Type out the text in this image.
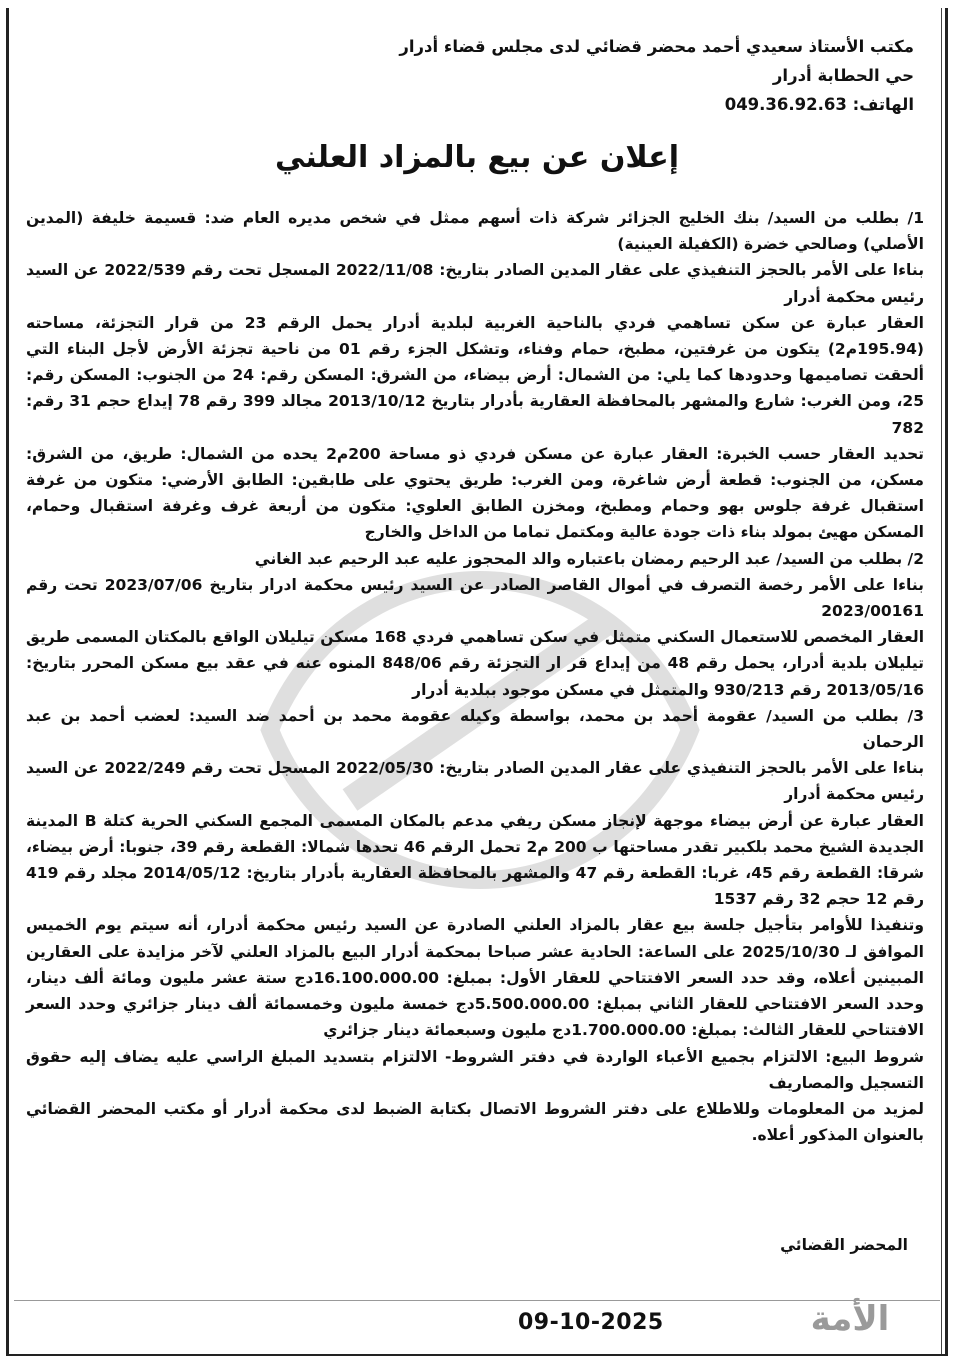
مكتب الأستاذ سعيدي أحمد محضر قضائي لدى مجلس قضاء أدرار
حي الحطابة أدرار
الهاتف: 049.36.92.63
إعلان عن بيع بالمزاد العلني

1/ بطلب من السيد/ بنك الخليج الجزائر شركة ذات أسهم ممثل في شخص مديره العام ضد: قسيمة خليفة (المدين الأصلي) وصالحي خضرة (الكفيلة العينية)

بناءا على الأمر بالحجز التنفيذي على عقار المدين الصادر بتاريخ: 2022/11/08 المسجل تحت رقم 2022/539 عن السيد رئيس محكمة أدرار

العقار عبارة عن سكن تساهمي فردي بالناحية الغربية لبلدية أدرار يحمل الرقم 23 من قرار التجزئة، مساحته (195.94م2) يتكون من غرفتين، مطبخ، حمام وفناء، وتشكل الجزء رقم 01 من ناحية تجزئة الأرض لأجل البناء التي ألحقت تصاميمها وحدودها كما يلي: من الشمال: أرض بيضاء، من الشرق: المسكن رقم: 24 من الجنوب: المسكن رقم: 25، ومن الغرب: شارع والمشهر بالمحافظة العقارية بأدرار بتاريخ 2013/10/12 مجالد 399 رقم 78 إيداع حجم 31 رقم: 782

تحديد العقار حسب الخبرة: العقار عبارة عن مسكن فردي ذو مساحة 200م2 يحده من الشمال: طريق، من الشرق: مسكن، من الجنوب: قطعة أرض شاغرة، ومن الغرب: طريق يحتوي على طابقين: الطابق الأرضي: متكون من غرفة استقبال غرفة جلوس بهو وحمام ومطبخ، ومخزن الطابق العلوي: متكون من أربعة غرف وغرفة استقبال وحمام، المسكن مهيئ بمولد بناء ذات جودة عالية ومكتمل تماما من الداخل والخارج

2/ بطلب من السيد/ عبد الرحيم رمضان باعتباره والد المحجوز عليه عبد الرحيم عبد الغاني

بناءا على الأمر رخصة التصرف في أموال القاصر الصادر عن السيد رئيس محكمة ادرار بتاريخ 2023/07/06 تحت رقم 2023/00161

العقار المخصص للاستعمال السكني متمثل في سكن تساهمي فردي 168 مسكن تيليلان الواقع بالمكتان المسمى طريق تيليلان بلدية أدرار، يحمل رقم 48 من إيداع قر ار التجزئة رقم 848/06 المنوه عنه في عقد بيع مسكن المحرر بتاريخ: 2013/05/16 رقم 930/213 والمتمثل في مسكن موجود ببلدية أدرار

3/ بطلب من السيد/ عقومة أحمد بن محمد، بواسطة وكيله عقومة محمد بن أحمد ضد السيد: لعضب أحمد بن عبد الرحمان

بناءا على الأمر بالحجز التنفيذي على عقار المدين الصادر بتاريخ: 2022/05/30 المسجل تحت رقم 2022/249 عن السيد رئيس محكمة أدرار

العقار عبارة عن أرض بيضاء موجهة لإنجاز مسكن ريفي مدعم بالمكان المسمى المجمع السكني الحرية كتلة B المدينة الجديدة الشيخ محمد بلكبير تقدر مساحتها ب 200 م2 تحمل الرقم 46 تحدها شمالا: القطعة رقم 39، جنوبا: أرض بيضاء، شرقا: القطعة رقم 45، غربا: القطعة رقم 47 والمشهر بالمحافظة العقارية بأدرار بتاريخ: 2014/05/12 مجلد رقم 419 رقم 12 حجم 32 رقم 1537

وتنفيذا للأوامر بتأجيل جلسة بيع عقار بالمزاد العلني الصادرة عن السيد رئيس محكمة أدرار، أنه سيتم يوم الخميس الموافق لـ 2025/10/30 على الساعة: الحادية عشر صباحا بمحكمة أدرار البيع بالمزاد العلني لآخر مزايدة على العقارين المبينين أعلاه، وقد حدد السعر الافتتاحي للعقار الأول: بمبلغ: 16.100.000.00دج ستة عشر مليون ومائة ألف دينار، وحدد السعر الافتتاحي للعقار الثاني بمبلغ: 5.500.000.00دج خمسة مليون وخمسمائة ألف دينار جزائري وحدد السعر الافتتاحي للعقار الثالث: بمبلغ: 1.700.000.00دج مليون وسبعمائة دينار جزائري

شروط البيع: الالتزام بجميع الأعباء الواردة في دفتر الشروط- الالتزام بتسديد المبلغ الراسي عليه يضاف إليه حقوق التسجيل والمصاريف

لمزيد من المعلومات وللاطلاع على دفتر الشروط الاتصال بكتابة الضبط لدى محكمة أدرار أو مكتب المحضر القضائي بالعنوان المذكور أعلاه.

المحضر القضائي
09-10-2025	الأمة
